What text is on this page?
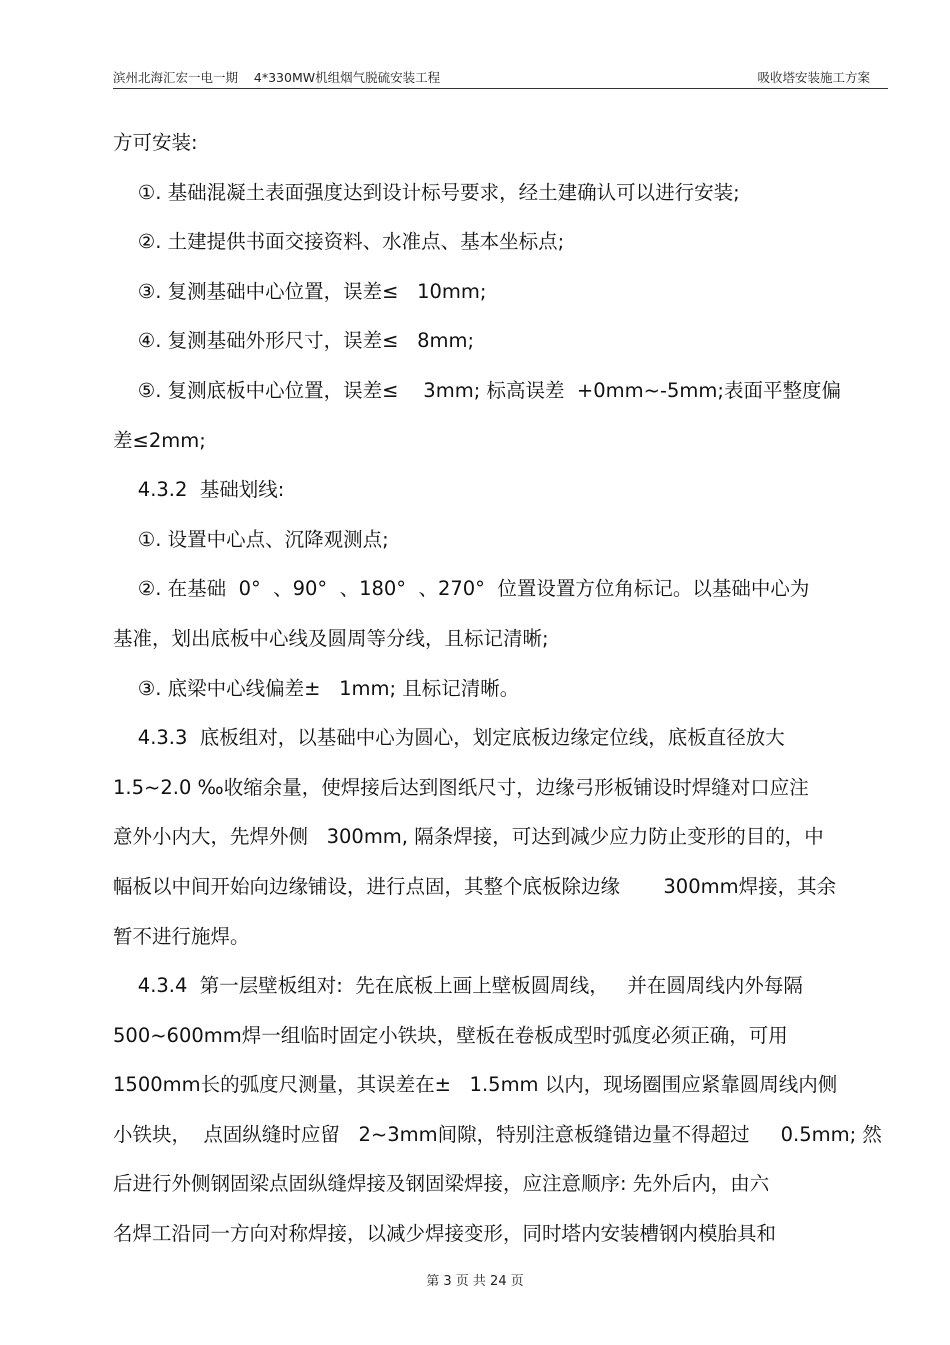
滨州北海汇宏一电一期    4*330MW机组烟气脱硫安装工程	吸收塔安装施工方案
方可安装:
①. 基础混凝土表面强度达到设计标号要求，经土建确认可以进行安装;
②. 土建提供书面交接资料、水准点、基本坐标点;
③. 复测基础中心位置，误差≤   10mm;
④. 复测基础外形尺寸，误差≤   8mm;
⑤. 复测底板中心位置，误差≤    3mm; 标高误差  +0mm~-5mm;表面平整度偏
差≤2mm;
4.3.2  基础划线:
①. 设置中心点、沉降观测点;
②. 在基础  0°  、90°  、180°  、270°  位置设置方位角标记。以基础中心为
基准，划出底板中心线及圆周等分线，且标记清晰;
③. 底梁中心线偏差±   1mm; 且标记清晰。
4.3.3  底板组对，以基础中心为圆心，划定底板边缘定位线，底板直径放大
1.5~2.0 ‰收缩余量，使焊接后达到图纸尺寸，边缘弓形板铺设时焊缝对口应注
意外小内大，先焊外侧   300mm, 隔条焊接，可达到减少应力防止变形的目的，中
幅板以中间开始向边缘铺设，进行点固，其整个底板除边缘       300mm焊接，其余
暂不进行施焊。
4.3.4  第一层壁板组对:  先在底板上画上壁板圆周线，   并在圆周线内外每隔
500~600mm焊一组临时固定小铁块，壁板在卷板成型时弧度必须正确，可用
1500mm长的弧度尺测量，其误差在±   1.5mm 以内，现场圈围应紧靠圆周线内侧
小铁块，  点固纵缝时应留   2~3mm间隙，特别注意板缝错边量不得超过     0.5mm; 然
后进行外侧钢固梁点固纵缝焊接及钢固梁焊接，应注意顺序: 先外后内，由六
名焊工沿同一方向对称焊接，以减少焊接变形，同时塔内安装槽钢内模胎具和
第 3 页 共 24 页
